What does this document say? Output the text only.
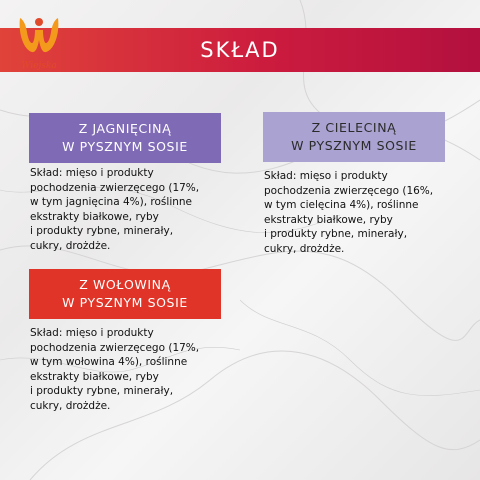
SKŁAD
Wiejska
Z JAGNIĘCINĄ
W PYSZNYM SOSIE
Skład: mięso i produkty
pochodzenia zwierzęcego (17%,
w tym jagnięcina 4%), roślinne
ekstrakty białkowe, ryby
i produkty rybne, minerały,
cukry, drożdże.
Z CIELECINĄ
W PYSZNYM SOSIE
Skład: mięso i produkty
pochodzenia zwierzęcego (16%,
w tym cielęcina 4%), roślinne
ekstrakty białkowe, ryby
i produkty rybne, minerały,
cukry, drożdże.
Z WOŁOWINĄ
W PYSZNYM SOSIE
Skład: mięso i produkty
pochodzenia zwierzęcego (17%,
w tym wołowina 4%), roślinne
ekstrakty białkowe, ryby
i produkty rybne, minerały,
cukry, drożdże.
